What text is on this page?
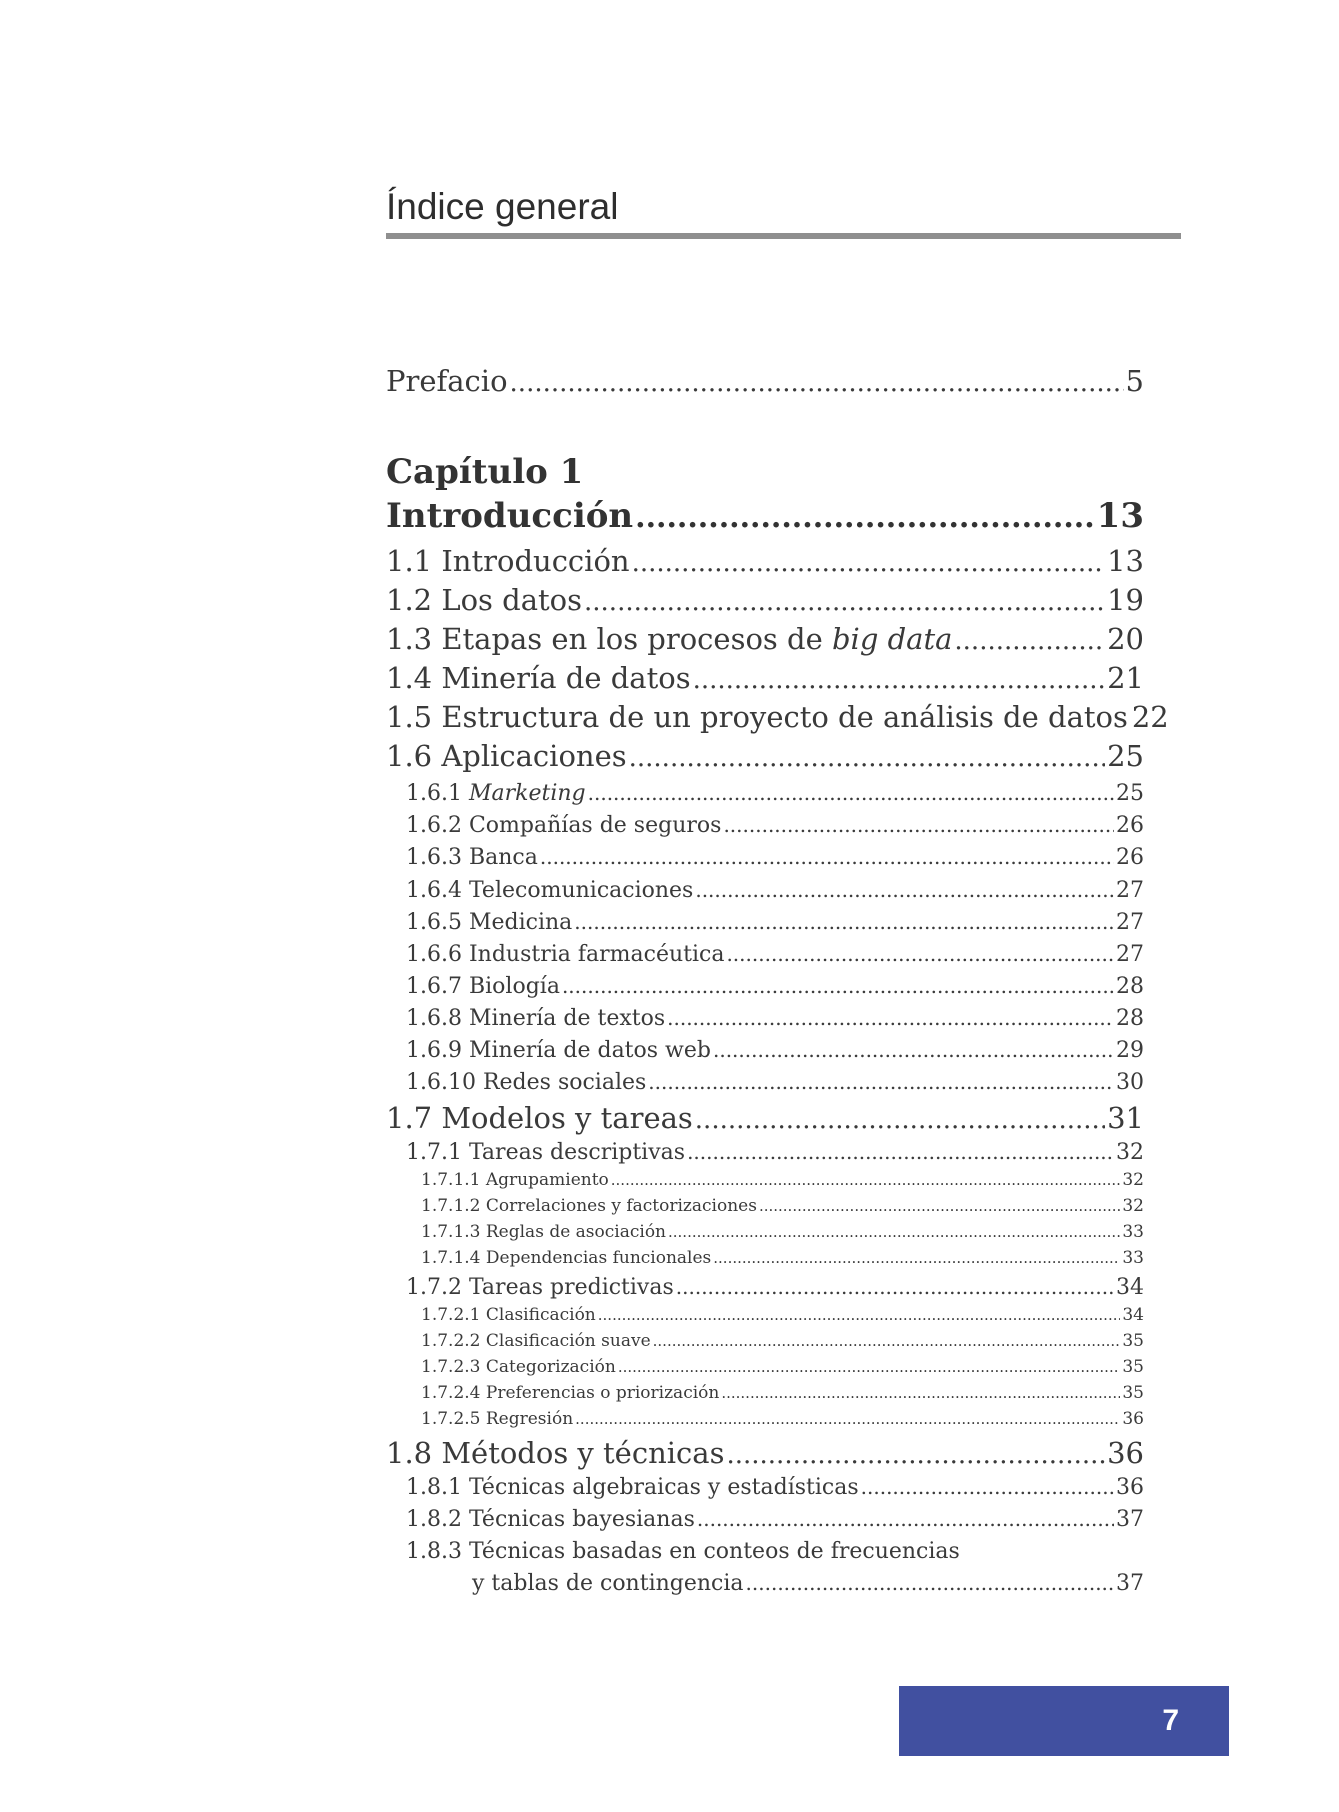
Índice general
Prefacio .....	5
Capítulo 1
Introducción .....	13
1.1 Introducción .....	13
1.2 Los datos .....	19
1.3 Etapas en los procesos de big data .....	20
1.4 Minería de datos .....	21
1.5 Estructura de un proyecto de análisis de datos 22
1.6 Aplicaciones .....	25
1.6.1 Marketing .....	25
1.6.2 Compañías de seguros .....	26
1.6.3 Banca .....	26
1.6.4 Telecomunicaciones .....	27
1.6.5 Medicina .....	27
1.6.6 Industria farmacéutica .....	27
1.6.7 Biología .....	28
1.6.8 Minería de textos .....	28
1.6.9 Minería de datos web .....	29
1.6.10 Redes sociales .....	30
1.7 Modelos y tareas .....	31
1.7.1 Tareas descriptivas .....	32
1.7.1.1 Agrupamiento .....	32
1.7.1.2 Correlaciones y factorizaciones .....	32
1.7.1.3 Reglas de asociación .....	33
1.7.1.4 Dependencias funcionales .....	33
1.7.2 Tareas predictivas .....	34
1.7.2.1 Clasificación .....	34
1.7.2.2 Clasificación suave .....	35
1.7.2.3 Categorización .....	35
1.7.2.4 Preferencias o priorización .....	35
1.7.2.5 Regresión .....	36
1.8 Métodos y técnicas .....	36
1.8.1 Técnicas algebraicas y estadísticas .....	36
1.8.2 Técnicas bayesianas .....	37
1.8.3 Técnicas basadas en conteos de frecuencias
y tablas de contingencia .....	37
7
